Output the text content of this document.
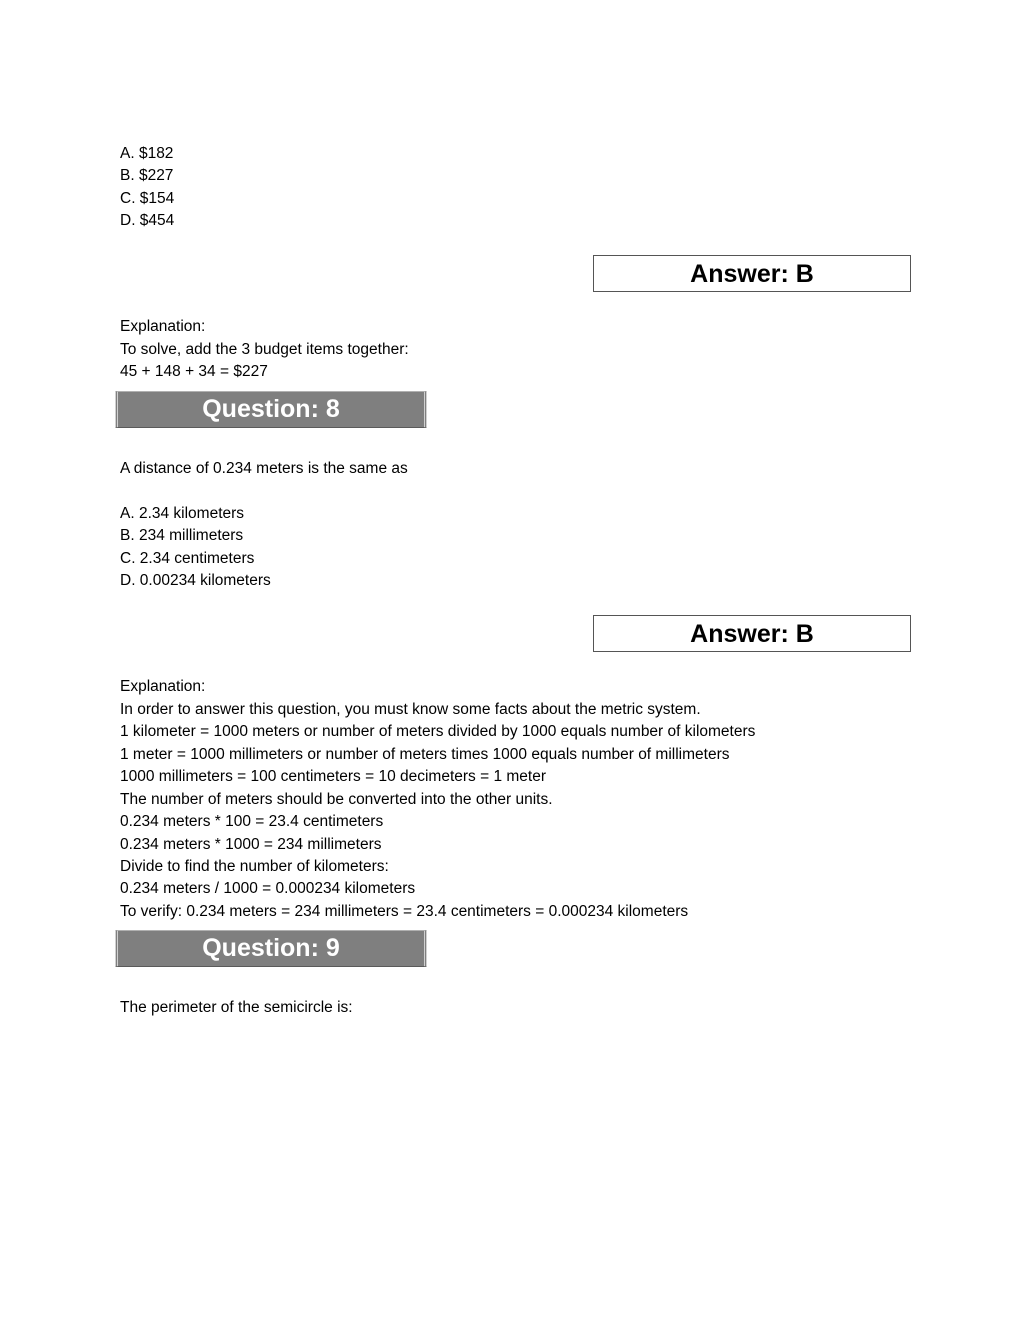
A. $182
B. $227
C. $154
D. $454
Answer: B
Explanation:
To solve, add the 3 budget items together:
45 + 148 + 34 = $227
Question: 8
A distance of 0.234 meters is the same as
A. 2.34 kilometers
B. 234 millimeters
C. 2.34 centimeters
D. 0.00234 kilometers
Answer: B
Explanation:
In order to answer this question, you must know some facts about the metric system.
1 kilometer = 1000 meters or number of meters divided by 1000 equals number of kilometers
1 meter = 1000 millimeters or number of meters times 1000 equals number of millimeters
1000 millimeters = 100 centimeters = 10 decimeters = 1 meter
The number of meters should be converted into the other units.
0.234 meters * 100 = 23.4 centimeters
0.234 meters * 1000 = 234 millimeters
Divide to find the number of kilometers:
0.234 meters / 1000 = 0.000234 kilometers
To verify: 0.234 meters = 234 millimeters = 23.4 centimeters = 0.000234 kilometers
Question: 9
The perimeter of the semicircle is:
